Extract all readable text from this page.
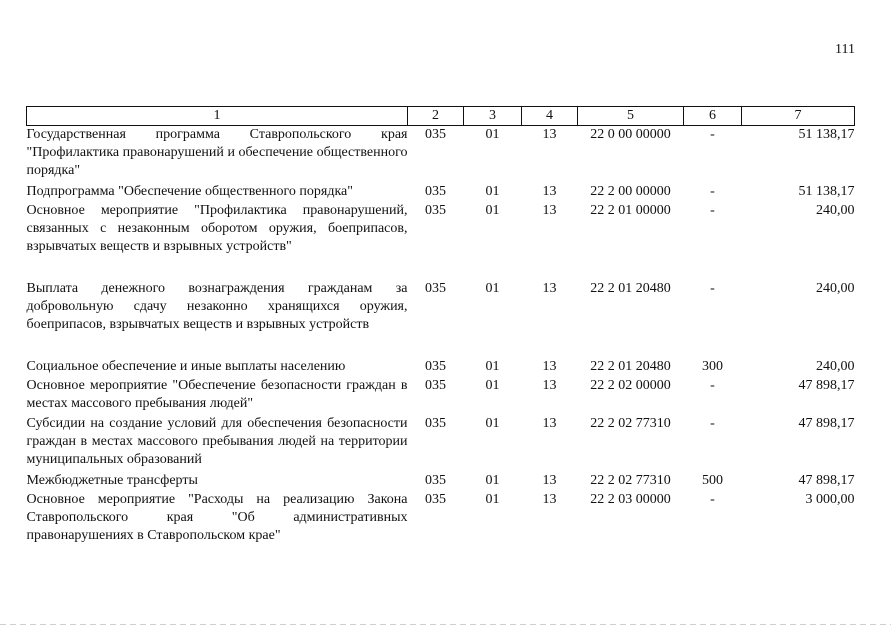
111
1	2	3	4	5	6	7
Государственная программа Ставропольского края "Профилактика правонарушений и обеспечение общественного порядка"	035	01	13	22 0 00 00000	-	51 138,17
Подпрограмма "Обеспечение общественного порядка"	035	01	13	22 2 00 00000	-	51 138,17
Основное мероприятие "Профилактика правонарушений, связанных с незаконным оборотом оружия, боеприпасов, взрывчатых веществ и взрывных устройств"	035	01	13	22 2 01 00000	-	240,00
Выплата денежного вознаграждения гражданам за добровольную сдачу незаконно хранящихся оружия, боеприпасов, взрывчатых веществ и взрывных устройств	035	01	13	22 2 01 20480	-	240,00
Социальное обеспечение и иные выплаты населению	035	01	13	22 2 01 20480	300	240,00
Основное мероприятие "Обеспечение безопасности граждан в местах массового пребывания людей"	035	01	13	22 2 02 00000	-	47 898,17
Субсидии на создание условий для обеспечения безопасности граждан в местах массового пребывания людей на территории муниципальных образований	035	01	13	22 2 02 77310	-	47 898,17
Межбюджетные трансферты	035	01	13	22 2 02 77310	500	47 898,17
Основное мероприятие "Расходы на реализацию Закона Ставропольского края "Об административных правонарушениях в Ставропольском крае"	035	01	13	22 2 03 00000	-	3 000,00
